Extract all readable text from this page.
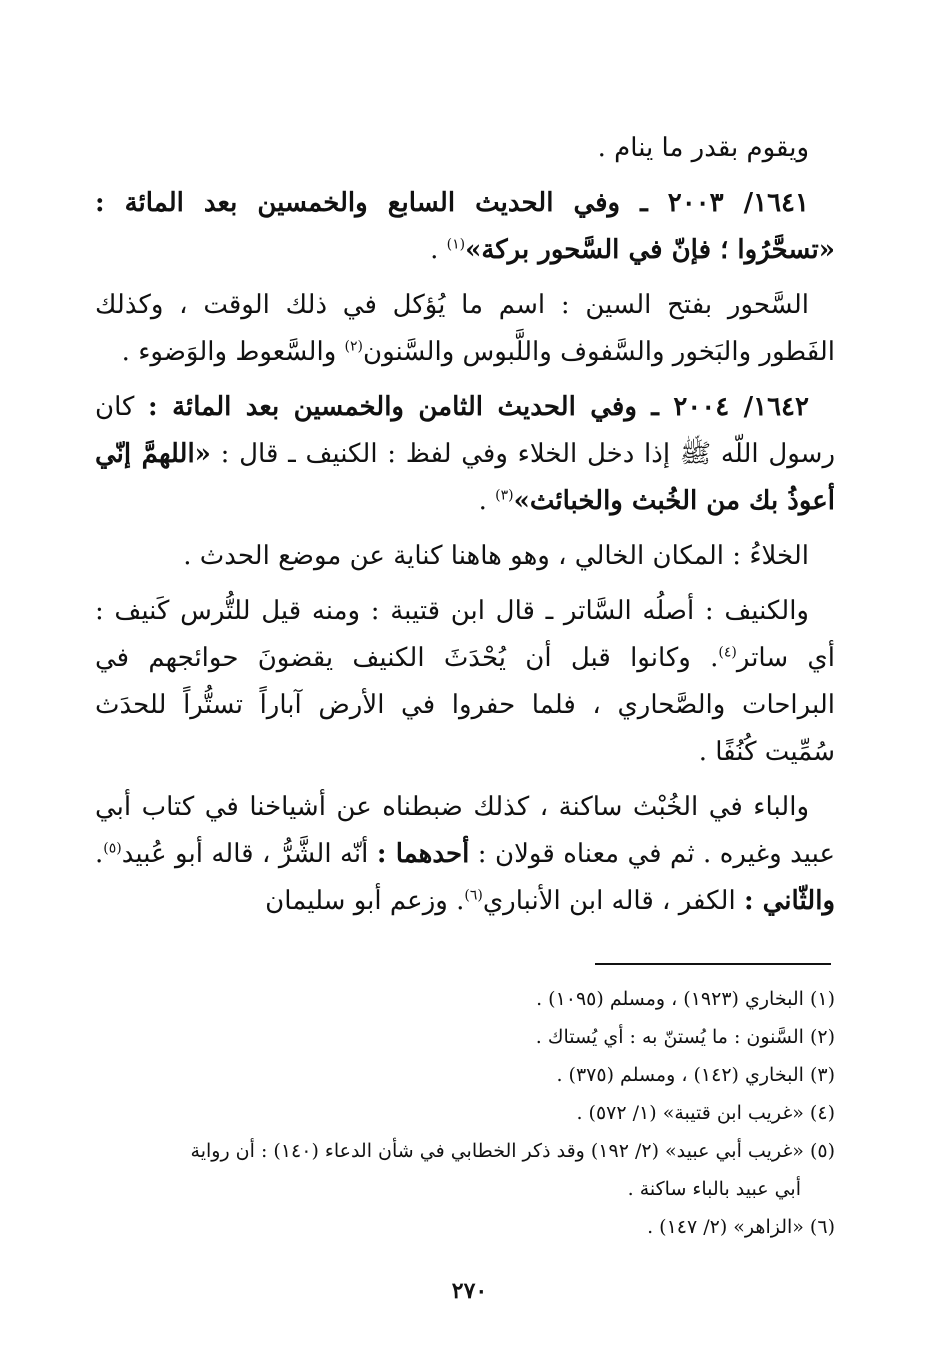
ويقوم بقدر ما ينام .

١٦٤١/ ٢٠٠٣ ـ وفي الحديث السابع والخمسين بعد المائة : «تسحَّرُوا ؛ فإنّ في السَّحور بركة»$^{(١)}$ .

السَّحور بفتح السين : اسم ما يُؤكل في ذلك الوقت ، وكذلك الفَطور والبَخور والسَّفوف واللَّبوس والسَّنون$^{(٢)}$ والسَّعوط والوَضوء .

١٦٤٢/ ٢٠٠٤ ـ وفي الحديث الثامن والخمسين بعد المائة : كان رسول اللّه ﷺ إذا دخل الخلاء وفي لفظ : الكنيف ـ قال : «اللهمَّ إنّي أعوذُ بك من الخُبث والخبائث»$^{(٣)}$ .

الخلاءُ : المكان الخالي ، وهو هاهنا كناية عن موضع الحدث .

والكنيف : أصلُه السَّاتر ـ قال ابن قتيبة : ومنه قيل للتُّرس كَنيف : أي ساتر$^{(٤)}$. وكانوا قبل أن يُحْدَثَ الكنيف يقضونَ حوائجهم في البراحات والصَّحاري ، فلما حفروا في الأرض آباراً تستُّراً للحدَث سُمِّيت كُنُفًا .

والباء في الخُبْث ساكنة ، كذلك ضبطناه عن أشياخنا في كتاب أبي عبيد وغيره . ثم في معناه قولان : أحدهما : أنّه الشَّرُّ ، قاله أبو عُبيد$^{(٥)}$. والثّاني : الكفر ، قاله ابن الأنباري$^{(٦)}$. وزعم أبو سليمان

(١) البخاري (١٩٢٣) ، ومسلم (١٠٩٥) .

(٢) السَّنون : ما يُستنّ به : أي يُستاك .

(٣) البخاري (١٤٢) ، ومسلم (٣٧٥) .

(٤) «غريب ابن قتيبة» (١/ ٥٧٢) .

(٥) «غريب أبي عبيد» (٢/ ١٩٢) وقد ذكر الخطابي في شأن الدعاء (١٤٠) : أن رواية

أبي عبيد بالباء ساكنة .

(٦) «الزاهر» (٢/ ١٤٧) .

٢٧٠
